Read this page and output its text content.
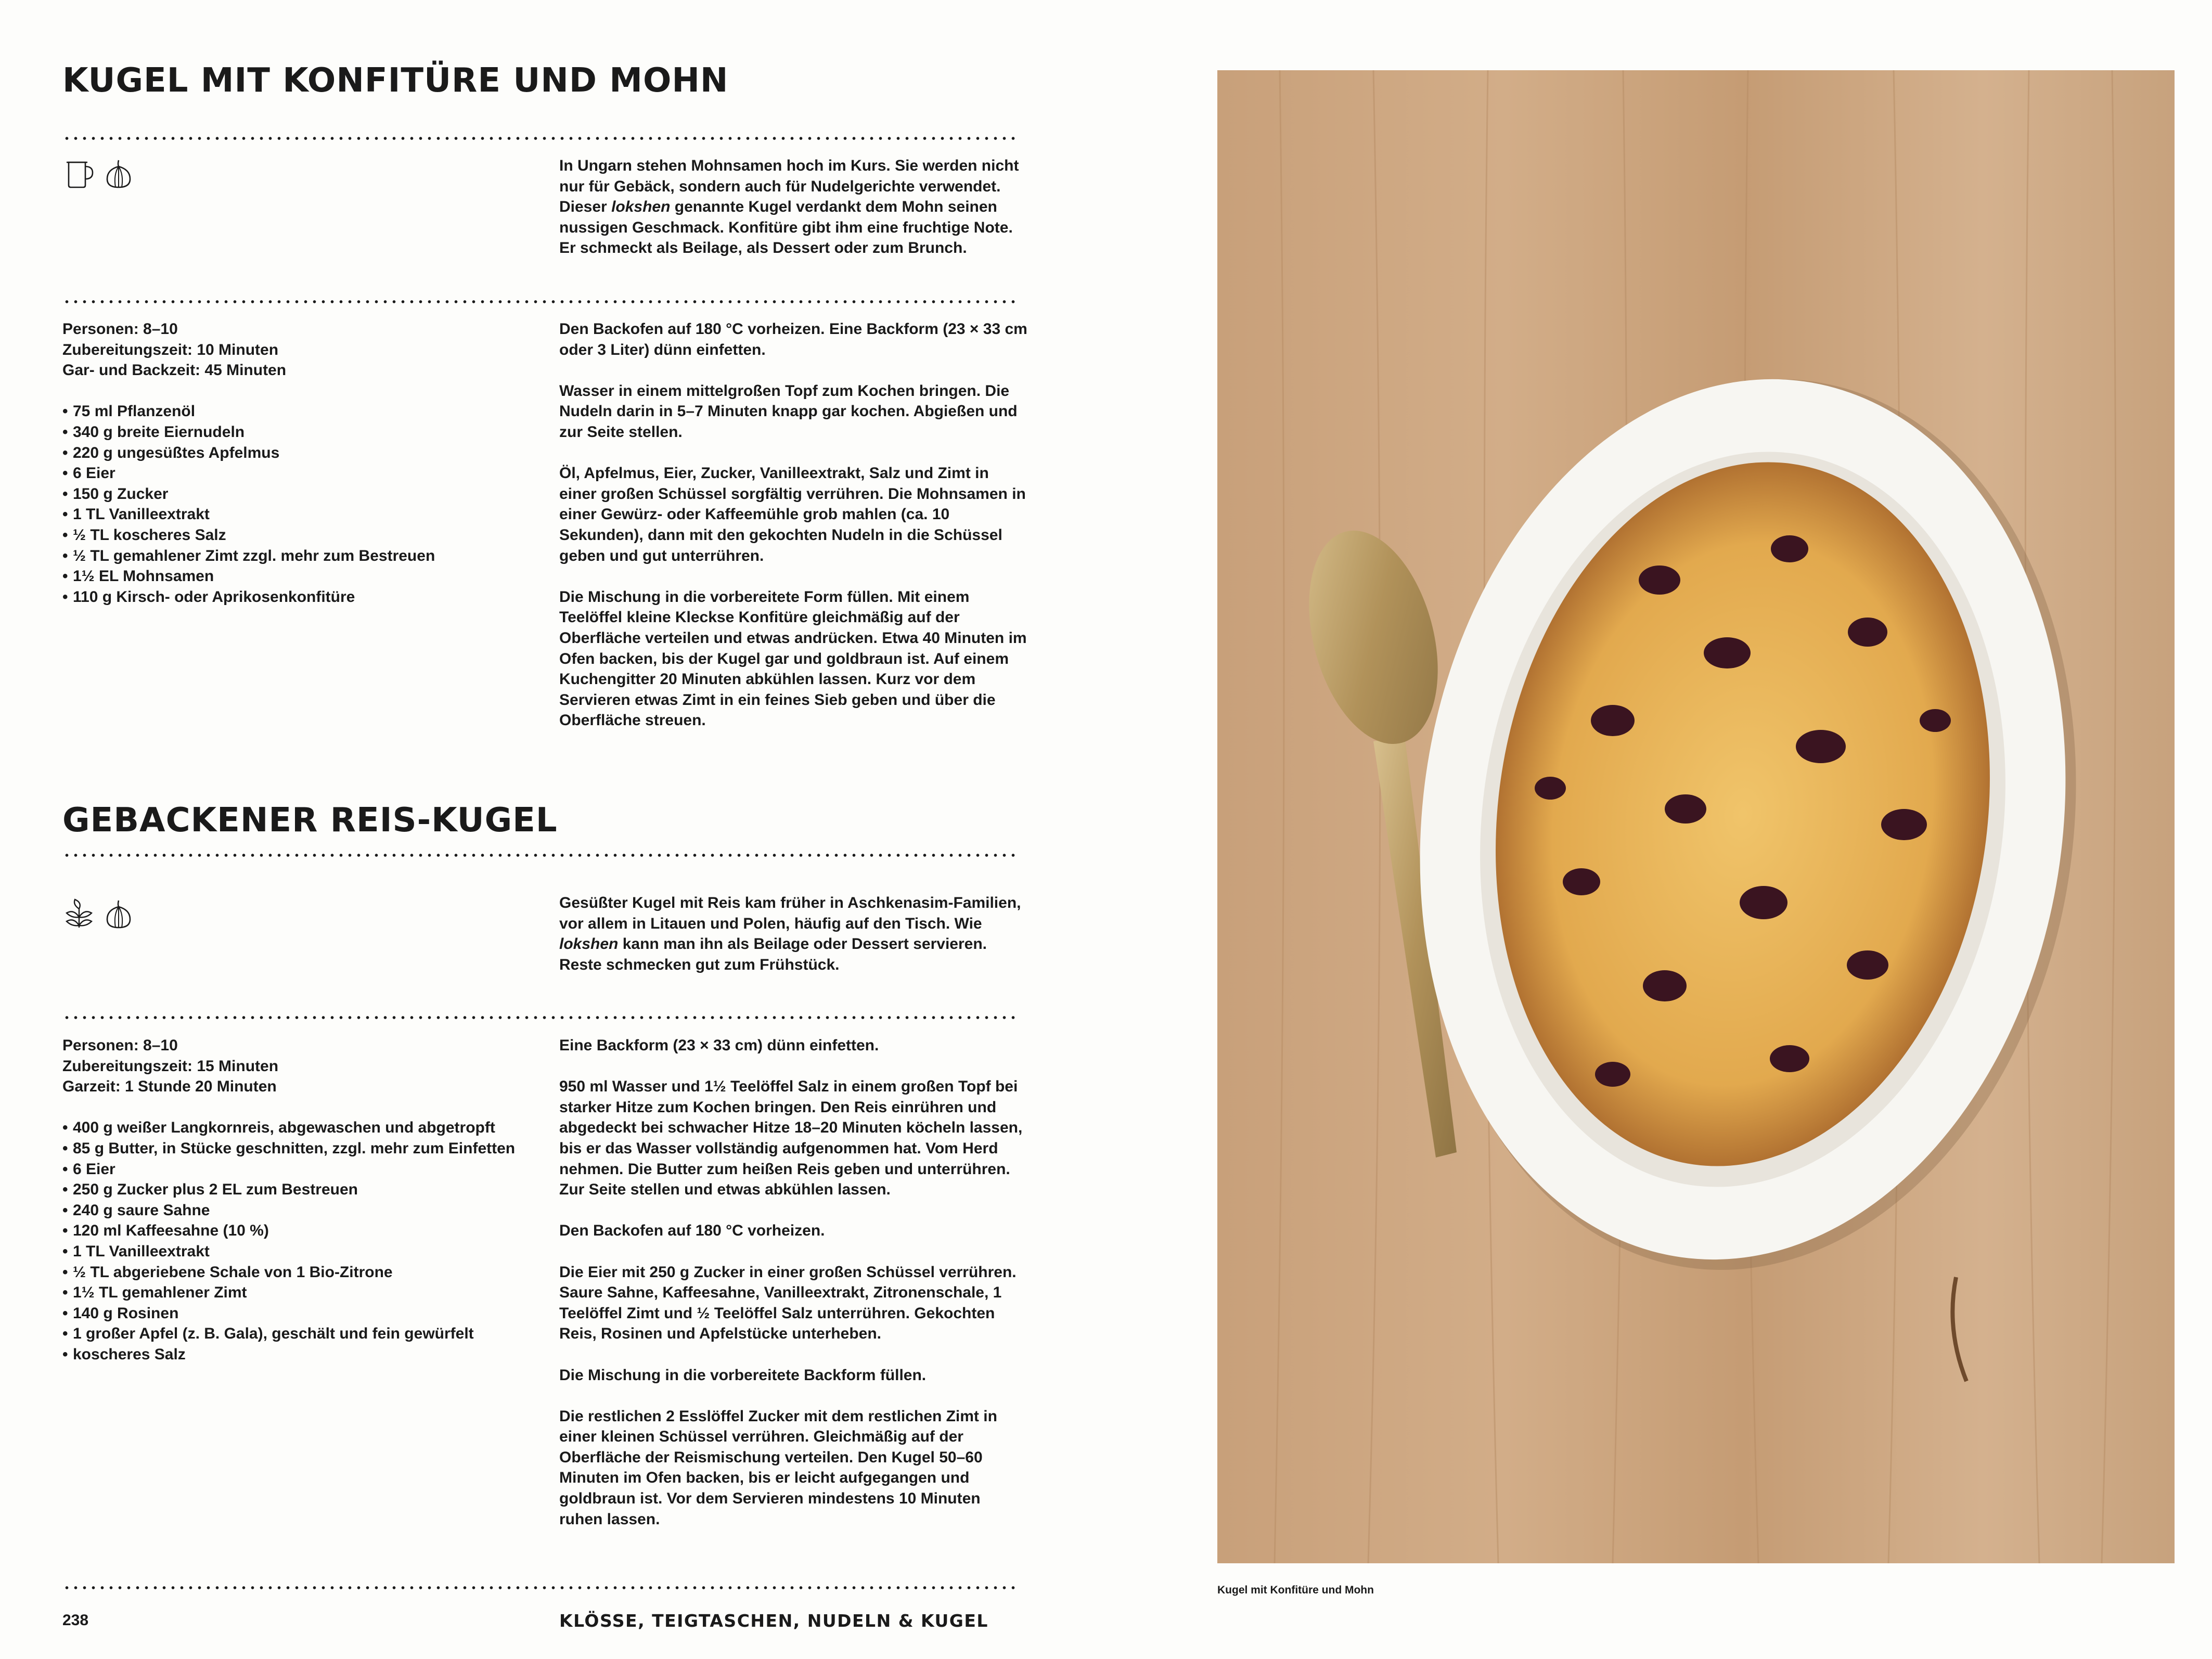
KUGEL MIT KONFITÜRE UND MOHN

In Ungarn stehen Mohnsamen hoch im Kurs. Sie werden nicht nur für Gebäck, sondern auch für Nudelgerichte verwendet. Dieser lokshen genannte Kugel verdankt dem Mohn seinen nussigen Geschmack. Konfitüre gibt ihm eine fruchtige Note. Er schmeckt als Beilage, als Dessert oder zum Brunch.

Personen: 8–10
Zubereitungszeit: 10 Minuten
Gar- und Backzeit: 45 Minuten
• 75 ml Pflanzenöl
• 340 g breite Eiernudeln
• 220 g ungesüßtes Apfelmus
• 6 Eier
• 150 g Zucker
• 1 TL Vanilleextrakt
• ½ TL koscheres Salz
• ½ TL gemahlener Zimt zzgl. mehr zum Bestreuen
• 1½ EL Mohnsamen
• 110 g Kirsch- oder Aprikosenkonfitüre

Den Backofen auf 180 °C vorheizen. Eine Backform (23 × 33 cm oder 3 Liter) dünn einfetten.

Wasser in einem mittelgroßen Topf zum Kochen bringen. Die Nudeln darin in 5–7 Minuten knapp gar kochen. Abgießen und zur Seite stellen.

Öl, Apfelmus, Eier, Zucker, Vanilleextrakt, Salz und Zimt in einer großen Schüssel sorgfältig verrühren. Die Mohnsamen in einer Gewürz- oder Kaffeemühle grob mahlen (ca. 10 Sekunden), dann mit den gekochten Nudeln in die Schüssel geben und gut unterrühren.

Die Mischung in die vorbereitete Form füllen. Mit einem Teelöffel kleine Kleckse Konfitüre gleichmäßig auf der Oberfläche verteilen und etwas andrücken. Etwa 40 Minuten im Ofen backen, bis der Kugel gar und goldbraun ist. Auf einem Kuchengitter 20 Minuten abkühlen lassen. Kurz vor dem Servieren etwas Zimt in ein feines Sieb geben und über die Oberfläche streuen.

GEBACKENER REIS-KUGEL

Gesüßter Kugel mit Reis kam früher in Aschkenasim-Familien, vor allem in Litauen und Polen, häufig auf den Tisch. Wie lokshen kann man ihn als Beilage oder Dessert servieren. Reste schmecken gut zum Frühstück.

Personen: 8–10
Zubereitungszeit: 15 Minuten
Garzeit: 1 Stunde 20 Minuten
• 400 g weißer Langkornreis, abgewaschen und abgetropft
• 85 g Butter, in Stücke geschnitten, zzgl. mehr zum Einfetten
• 6 Eier
• 250 g Zucker plus 2 EL zum Bestreuen
• 240 g saure Sahne
• 120 ml Kaffeesahne (10 %)
• 1 TL Vanilleextrakt
• ½ TL abgeriebene Schale von 1 Bio-Zitrone
• 1½ TL gemahlener Zimt
• 140 g Rosinen
• 1 großer Apfel (z. B. Gala), geschält und fein gewürfelt
• koscheres Salz

Eine Backform (23 × 33 cm) dünn einfetten.

950 ml Wasser und 1½ Teelöffel Salz in einem großen Topf bei starker Hitze zum Kochen bringen. Den Reis einrühren und abgedeckt bei schwacher Hitze 18–20 Minuten köcheln lassen, bis er das Wasser vollständig aufgenommen hat. Vom Herd nehmen. Die Butter zum heißen Reis geben und unterrühren. Zur Seite stellen und etwas abkühlen lassen.

Den Backofen auf 180 °C vorheizen.

Die Eier mit 250 g Zucker in einer großen Schüssel verrühren. Saure Sahne, Kaffeesahne, Vanilleextrakt, Zitronenschale, 1 Teelöffel Zimt und ½ Teelöffel Salz unterrühren. Gekochten Reis, Rosinen und Apfelstücke unterheben.

Die Mischung in die vorbereitete Backform füllen.

Die restlichen 2 Esslöffel Zucker mit dem restlichen Zimt in einer kleinen Schüssel verrühren. Gleichmäßig auf der Oberfläche der Reismischung verteilen. Den Kugel 50–60 Minuten im Ofen backen, bis er leicht aufgegangen und goldbraun ist. Vor dem Servieren mindestens 10 Minuten ruhen lassen.

238	KLÖSSE, TEIGTASCHEN, NUDELN & KUGEL
Kugel mit Konfitüre und Mohn
